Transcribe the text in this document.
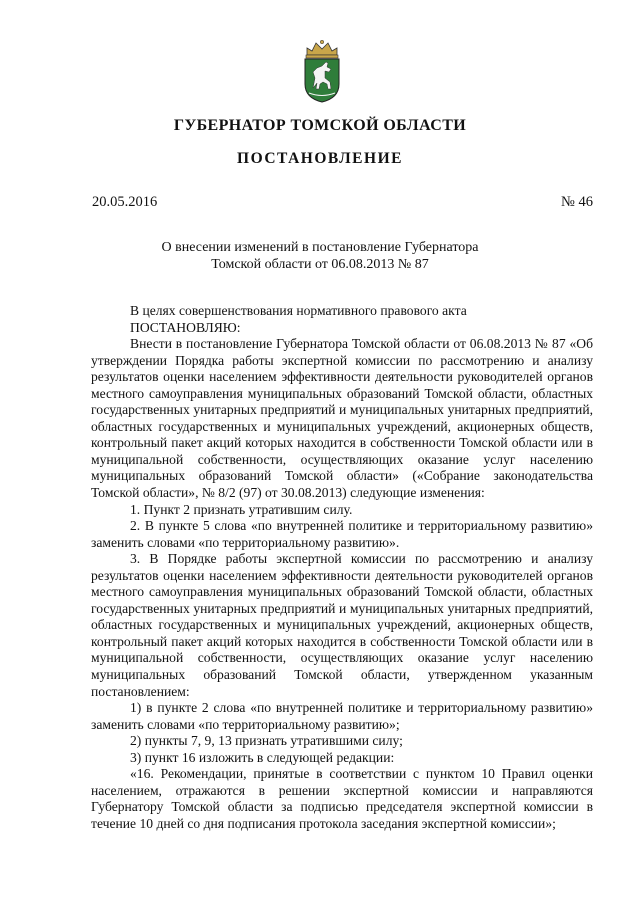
ГУБЕРНАТОР ТОМСКОЙ ОБЛАСТИ
ПОСТАНОВЛЕНИЕ
20.05.2016	№ 46
О внесении изменений в постановление Губернатора
Томской области от 06.08.2013 № 87

В целях совершенствования нормативного правового акта

ПОСТАНОВЛЯЮ:

Внести в постановление Губернатора Томской области от 06.08.2013 № 87 «Об утверждении Порядка работы экспертной комиссии по рассмотрению и анализу результатов оценки населением эффективности деятельности руководителей органов местного самоуправления муниципальных образований Томской области, областных государственных унитарных предприятий и муниципальных унитарных предприятий, областных государственных и муниципальных учреждений, акционерных обществ, контрольный пакет акций которых находится в собственности Томской области или в муниципальной собственности, осуществляющих оказание услуг населению муниципальных образований Томской области» («Собрание законодательства Томской области», № 8/2 (97) от 30.08.2013) следующие изменения:

1. Пункт 2 признать утратившим силу.

2. В пункте 5 слова «по внутренней политике и территориальному развитию» заменить словами «по территориальному развитию».

3. В Порядке работы экспертной комиссии по рассмотрению и анализу результатов оценки населением эффективности деятельности руководителей органов местного самоуправления муниципальных образований Томской области, областных государственных унитарных предприятий и муниципальных унитарных предприятий, областных государственных и муниципальных учреждений, акционерных обществ, контрольный пакет акций которых находится в собственности Томской области или в муниципальной собственности, осуществляющих оказание услуг населению муниципальных образований Томской области, утвержденном указанным постановлением:

1) в пункте 2 слова «по внутренней политике и территориальному развитию» заменить словами «по территориальному развитию»;

2) пункты 7, 9, 13 признать утратившими силу;

3) пункт 16 изложить в следующей редакции:

«16. Рекомендации, принятые в соответствии с пунктом 10 Правил оценки населением, отражаются в решении экспертной комиссии и направляются Губернатору Томской области за подписью председателя экспертной комиссии в течение 10 дней со дня подписания протокола заседания экспертной комиссии»;
